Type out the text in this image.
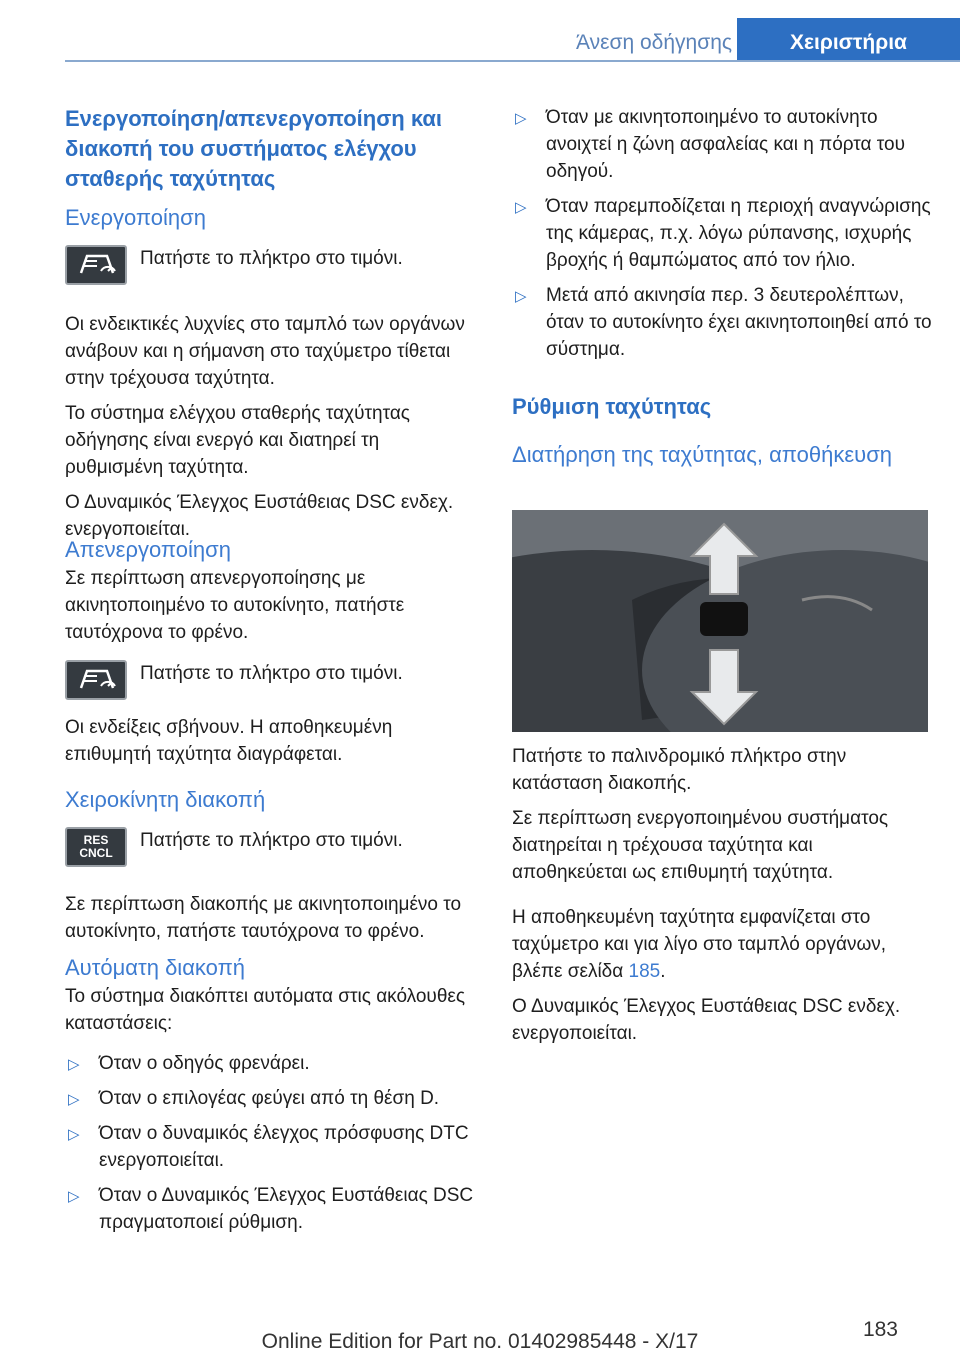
Άνεση οδήγησης	Χειριστήρια
Ενεργοποίηση/απενεργοποίηση και διακοπή του συστήματος ελέγχου σταθερής ταχύτητας
Ενεργοποίηση
Πατήστε το πλήκτρο στο τιμόνι.

Οι ενδεικτικές λυχνίες στο ταμπλό των οργάνων ανάβουν και η σήμανση στο ταχύμετρο τίθεται στην τρέχουσα ταχύτητα.

Το σύστημα ελέγχου σταθερής ταχύτητας οδήγησης είναι ενεργό και διατηρεί τη ρυθμισμένη ταχύτητα.

Ο Δυναμικός Έλεγχος Ευστάθειας DSC ενδεχ. ενεργοποιείται.

Απενεργοποίηση

Σε περίπτωση απενεργοποίησης με ακινητοποιημένο το αυτοκίνητο, πατήστε ταυτόχρονα το φρένο.

Πατήστε το πλήκτρο στο τιμόνι.

Οι ενδείξεις σβήνουν. Η αποθηκευμένη επιθυμητή ταχύτητα διαγράφεται.

Χειροκίνητη διακοπή
RES CNCL
Πατήστε το πλήκτρο στο τιμόνι.

Σε περίπτωση διακοπής με ακινητοποιημένο το αυτοκίνητο, πατήστε ταυτόχρονα το φρένο.

Αυτόματη διακοπή

Το σύστημα διακόπτει αυτόματα στις ακόλουθες καταστάσεις:

▷ Όταν ο οδηγός φρενάρει.
▷ Όταν ο επιλογέας φεύγει από τη θέση D.
▷ Όταν ο δυναμικός έλεγχος πρόσφυσης DTC ενεργοποιείται.
▷ Όταν ο Δυναμικός Έλεγχος Ευστάθειας DSC πραγματοποιεί ρύθμιση.
▷ Όταν με ακινητοποιημένο το αυτοκίνητο ανοιχτεί η ζώνη ασφαλείας και η πόρτα του οδηγού.
▷ Όταν παρεμποδίζεται η περιοχή αναγνώρισης της κάμερας, π.χ. λόγω ρύπανσης, ισχυρής βροχής ή θαμπώματος από τον ήλιο.
▷ Μετά από ακινησία περ. 3 δευτερολέπτων, όταν το αυτοκίνητο έχει ακινητοποιηθεί από το σύστημα.
Ρύθμιση ταχύτητας
Διατήρηση της ταχύτητας, αποθήκευση

Πατήστε το παλινδρομικό πλήκτρο στην κατάσταση διακοπής.

Σε περίπτωση ενεργοποιημένου συστήματος διατηρείται η τρέχουσα ταχύτητα και αποθηκεύεται ως επιθυμητή ταχύτητα.

Η αποθηκευμένη ταχύτητα εμφανίζεται στο ταχύμετρο και για λίγο στο ταμπλό οργάνων, βλέπε σελίδα 185.

Ο Δυναμικός Έλεγχος Ευστάθειας DSC ενδεχ. ενεργοποιείται.

183
Online Edition for Part no. 01402985448 - X/17
